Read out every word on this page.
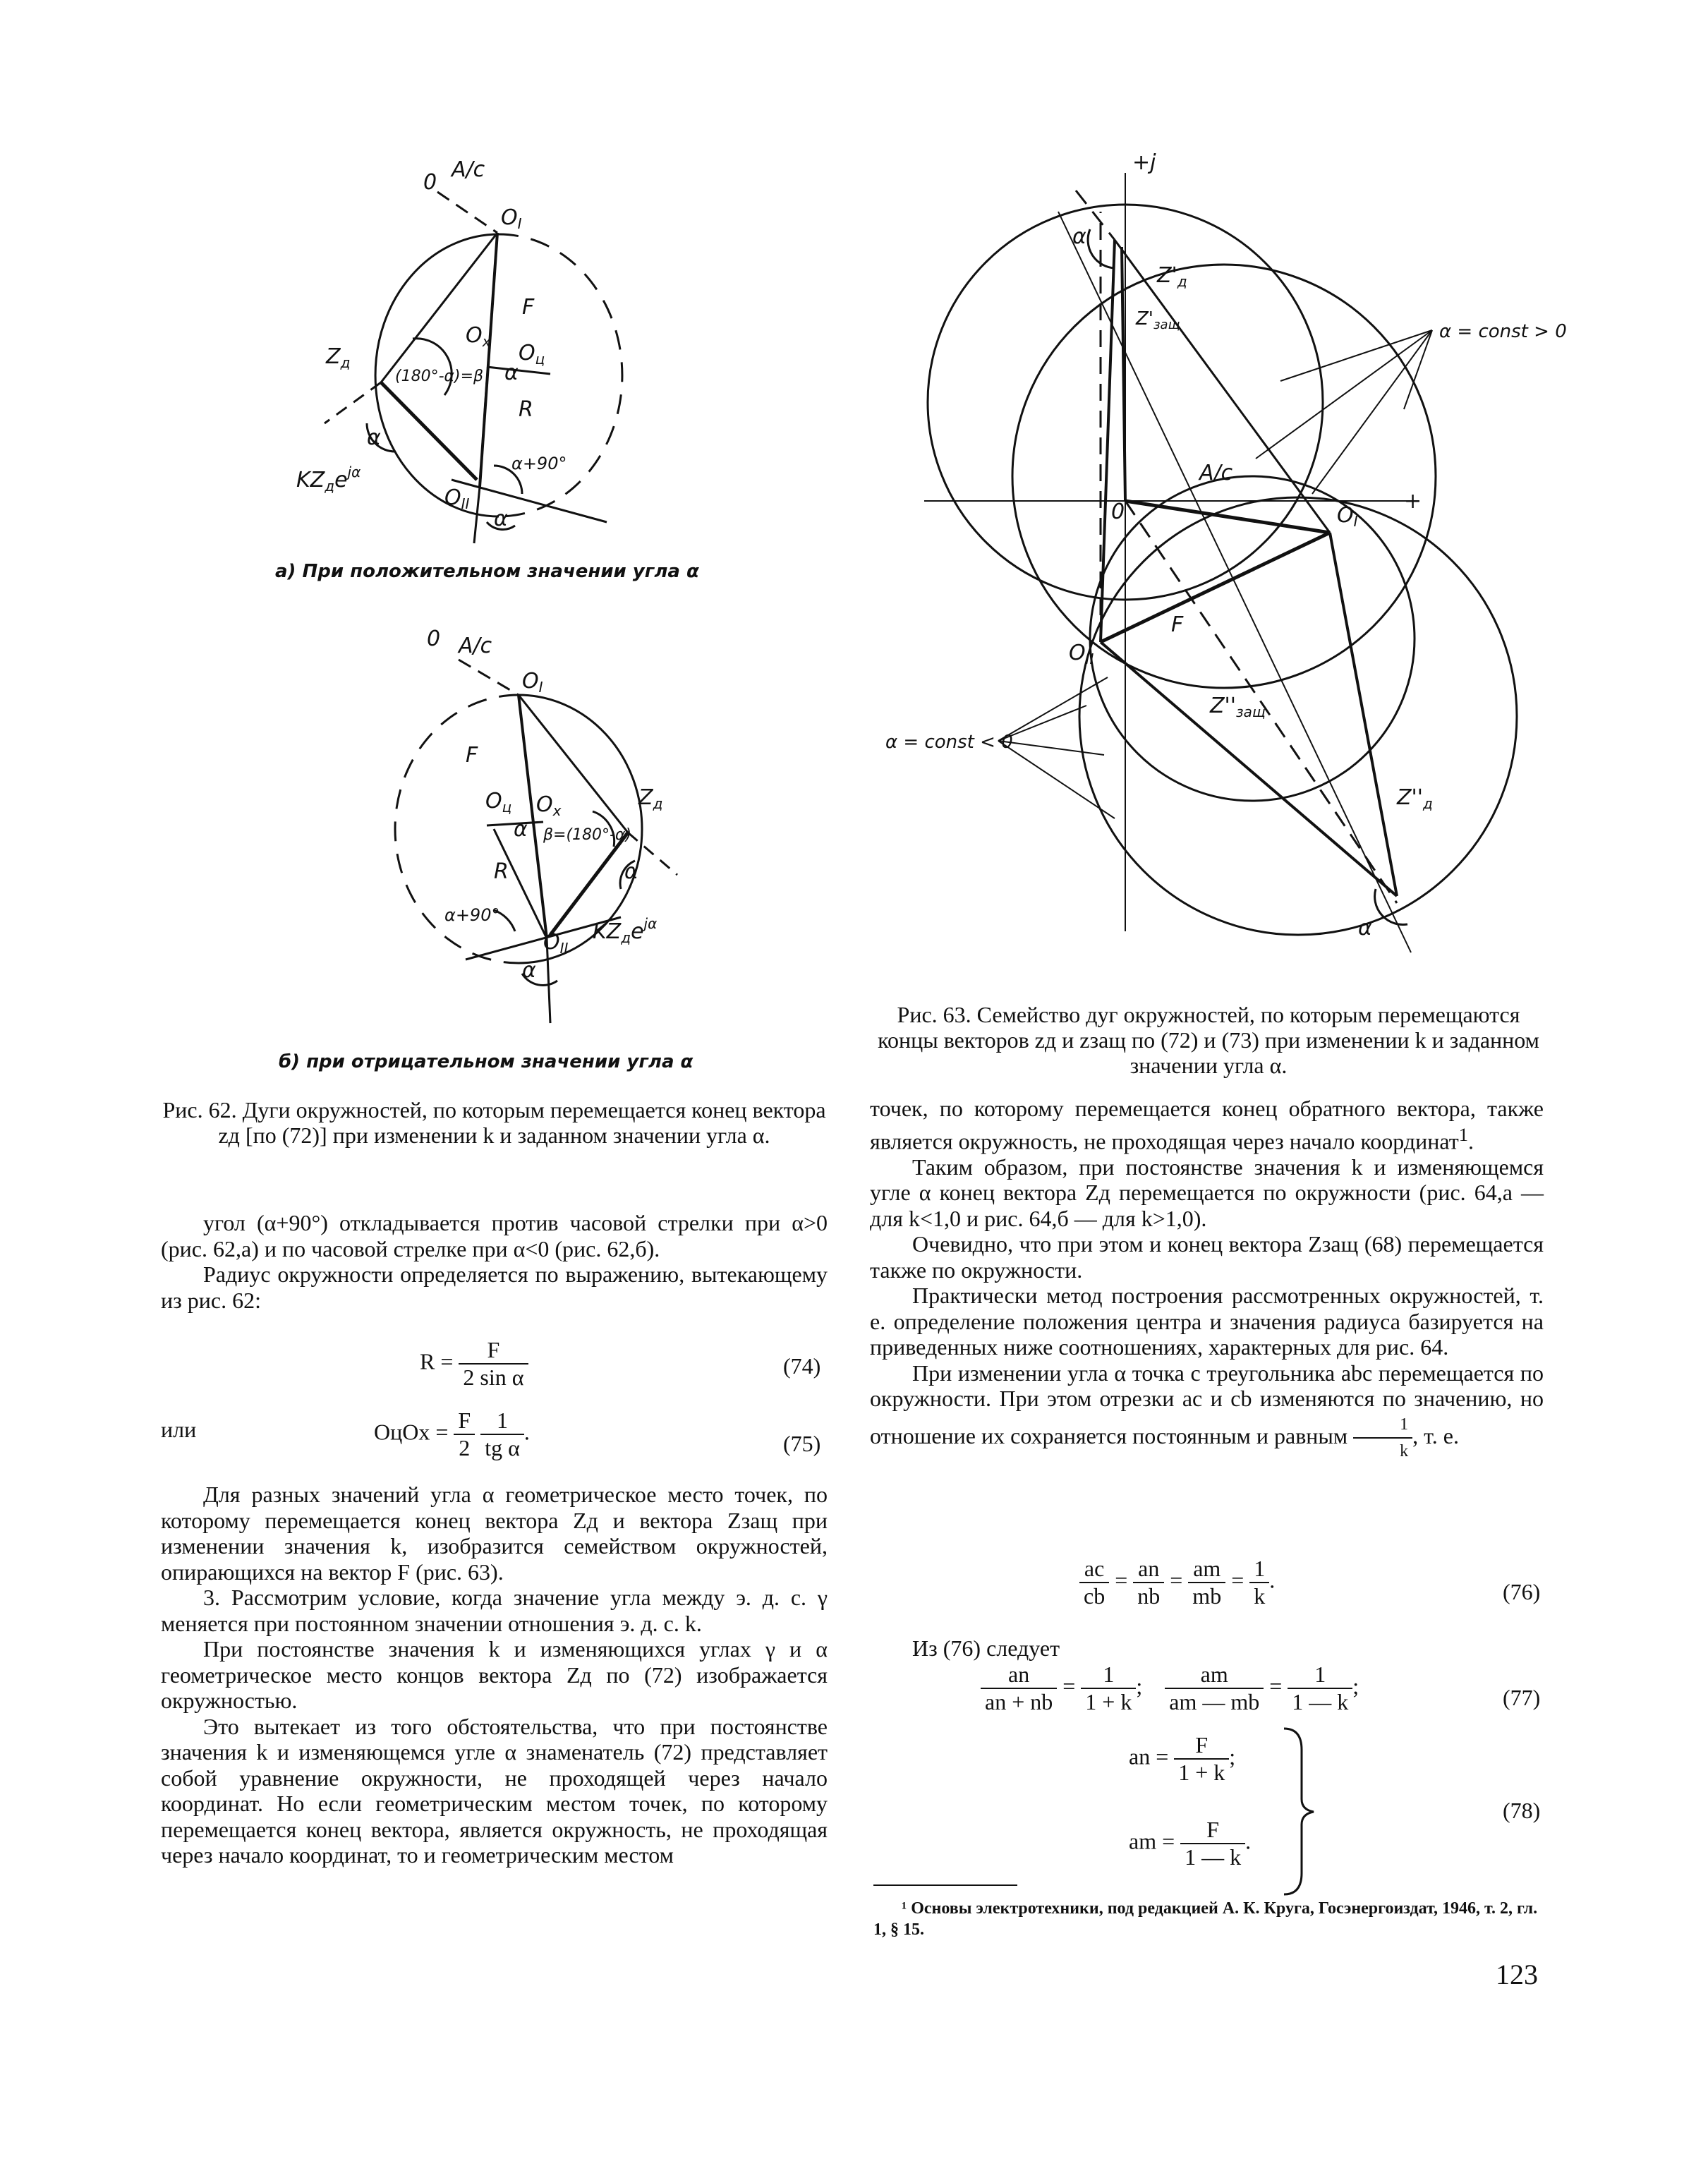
0
A/c
$O_I$
F
$O_x$ $O_ц$
$Z_д$
(180°-α)=β α
R
α
α+90°
$KZ_дe^{j\alpha}$
$O_{II}$
α
а) При положительном значении угла α
0 A/c
$O_I$
F
$O_ц$ $O_x$
$Z_д$
β=(180°-α)
α
R	α
α+90°
$KZ_дe^{j\alpha}$
$O_{II}$
α
б) при отрицательном значении угла α
+j
+
0
A/c
$O_I$
$O_{II}$
F
α
$Z'_д$
$Z'_{защ}$
$Z''_{защ}$
$Z''_д$
α
α = const > 0
α = const < 0
Рис. 62. Дуги окружностей, по которым перемещается конец вектора zд [по (72)] при изменении k и заданном значении угла α.
Рис. 63. Семейство дуг окружностей, по которым перемещаются концы векторов zд и zзащ по (72) и (73) при изменении k и заданном значении угла α.

угол (α+90°) откладывается против часовой стрелки при α>0 (рис. 62,а) и по часовой стрелке при α<0 (рис. 62,б).

Радиус окружности определяется по выражению, вытекающему из рис. 62:

$R = \frac{F}{\text{2 sin α}}$	(74)
или	OцOx = $\frac{F}{2}$
$\frac{1}{\text{tg α}}$ .	(75)

Для разных значений угла α геометрическое место точек, по которому перемещается конец вектора Zд и вектора Zзащ при изменении значения k, изобразится семейством окружностей, опирающихся на вектор F (рис. 63).

3. Рассмотрим условие, когда значение угла между э. д. с. γ меняется при постоянном значении отношения э. д. с. k.

При постоянстве значения k и изменяющихся углах γ и α геометрическое место концов вектора Zд по (72) изображается окружностью.

Это вытекает из того обстоятельства, что при постоянстве значения k и изменяющемся угле α знаменатель (72) представляет собой уравнение окружности, не проходящей через начало координат. Но если геометрическим местом точек, по которому перемещается конец вектора, является окружность, не проходящая через начало координат, то и геометрическим местом

точек, по которому перемещается конец обратного вектора, также является окружность, не проходящая через начало координат$^1$.

Таким образом, при постоянстве значения k и изменяющемся угле α конец вектора Zд перемещается по окружности (рис. 64,а — для k<1,0 и рис. 64,б — для k>1,0).

Очевидно, что при этом и конец вектора Zзащ (68) перемещается также по окружности.

Практически метод построения рассмотренных окружностей, т. е. определение положения центра и значения радиуса базируется на приведенных ниже соотношениях, характерных для рис. 64.

При изменении угла α точка c треугольника abc перемещается по окружности. При этом отрезки ac и cb изменяются по значению, но отношение их сохраняется постоянным и равным $\frac{1}{k}$ , т. е.

$\frac{ac}{cb} = \frac{an}{nb} = \frac{am}{mb} = \frac{1}{k}$ .	(76)
Из (76) следует
$\frac{an}{an + nb} = \frac{1}{1 + k}$ ; $\frac{am}{am — mb} = \frac{1}{1 — k}$ ;	(77)
an = $\frac{F}{1 + k}$ ;
am = $\frac{F}{1 — k}$ .
(78)
¹ Основы электротехники, под редакцией А. К. Круга, Госэнергоиздат, 1946, т. 2, гл. 1, § 15.
123
